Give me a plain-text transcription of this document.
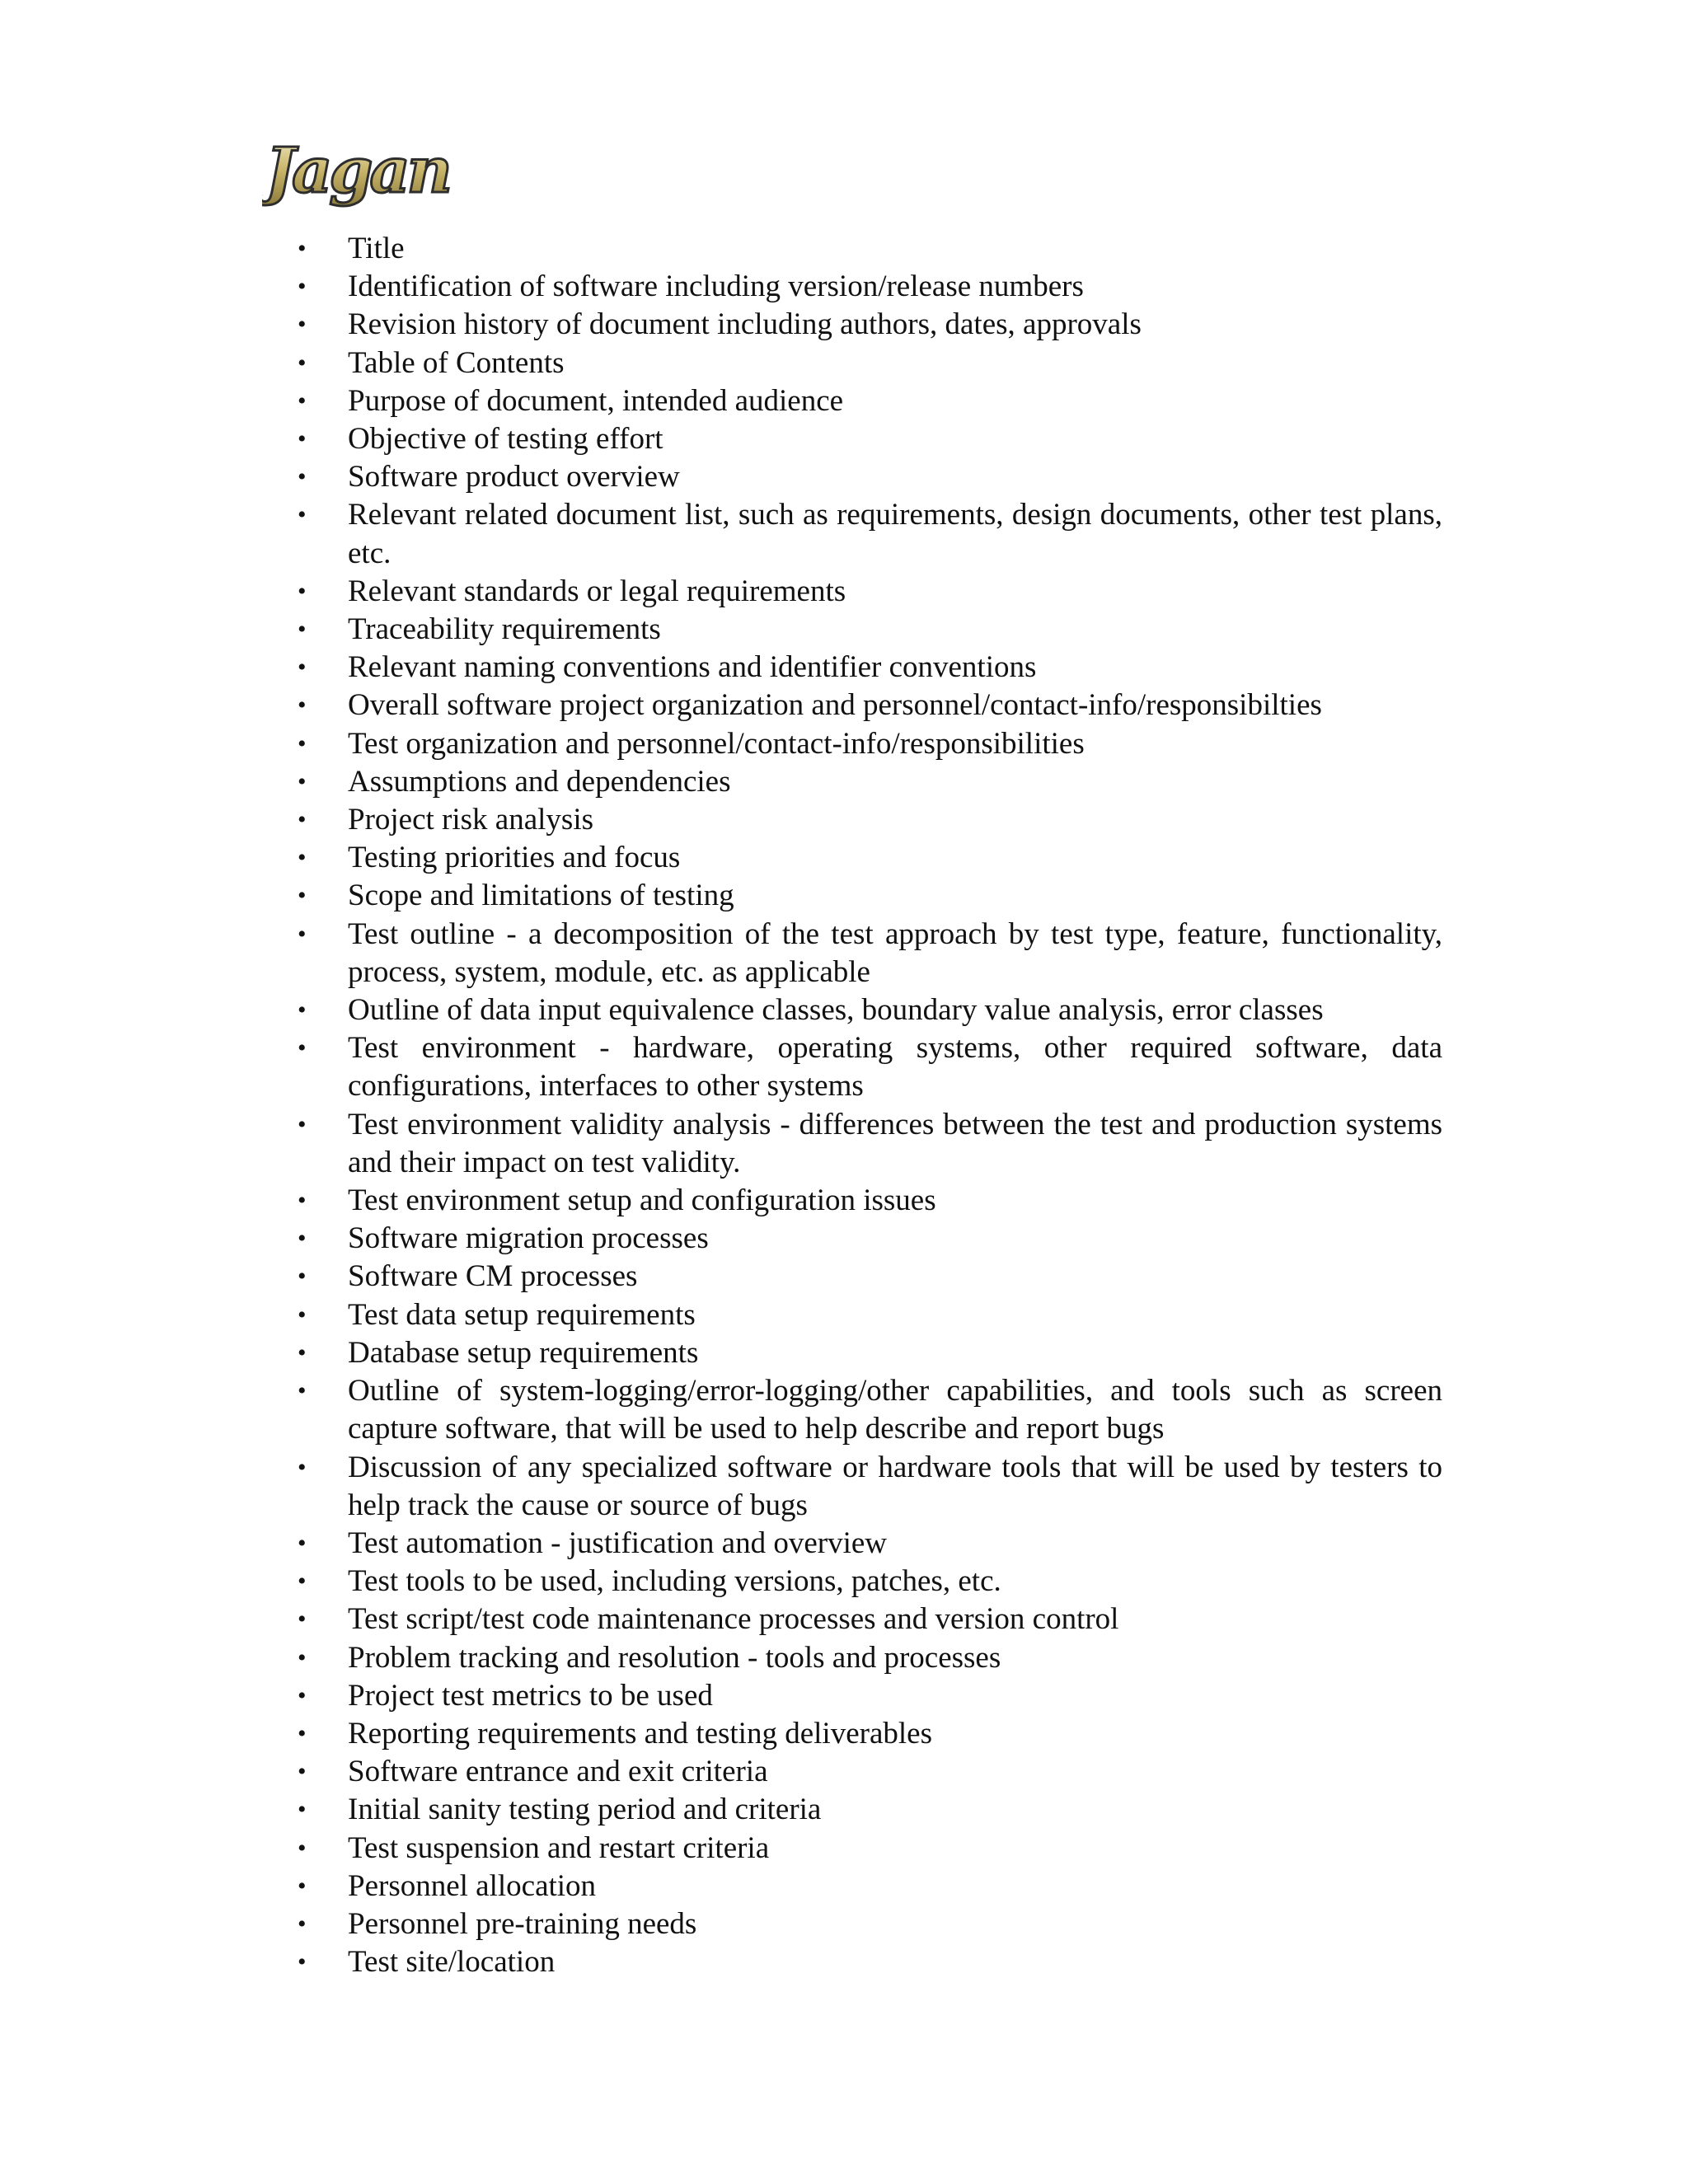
Jagan
•	Title
•	Identification of software including version/release numbers
•	Revision history of document including authors, dates, approvals
•	Table of Contents
•	Purpose of document, intended audience
•	Objective of testing effort
•	Software product overview
•	Relevant related document list, such as requirements, design documents, other test plans, etc.
•	Relevant standards or legal requirements
•	Traceability requirements
•	Relevant naming conventions and identifier conventions
•	Overall software project organization and personnel/contact-info/responsibilties
•	Test organization and personnel/contact-info/responsibilities
•	Assumptions and dependencies
•	Project risk analysis
•	Testing priorities and focus
•	Scope and limitations of testing
•	Test outline - a decomposition of the test approach by test type, feature, functionality, process, system, module, etc. as applicable
•	Outline of data input equivalence classes, boundary value analysis, error classes
•	Test environment - hardware, operating systems, other required software, data configurations, interfaces to other systems
•	Test environment validity analysis - differences between the test and production systems and their impact on test validity.
•	Test environment setup and configuration issues
•	Software migration processes
•	Software CM processes
•	Test data setup requirements
•	Database setup requirements
•	Outline of system-logging/error-logging/other capabilities, and tools such as screen capture software, that will be used to help describe and report bugs
•	Discussion of any specialized software or hardware tools that will be used by testers to help track the cause or source of bugs
•	Test automation - justification and overview
•	Test tools to be used, including versions, patches, etc.
•	Test script/test code maintenance processes and version control
•	Problem tracking and resolution - tools and processes
•	Project test metrics to be used
•	Reporting requirements and testing deliverables
•	Software entrance and exit criteria
•	Initial sanity testing period and criteria
•	Test suspension and restart criteria
•	Personnel allocation
•	Personnel pre-training needs
•	Test site/location
